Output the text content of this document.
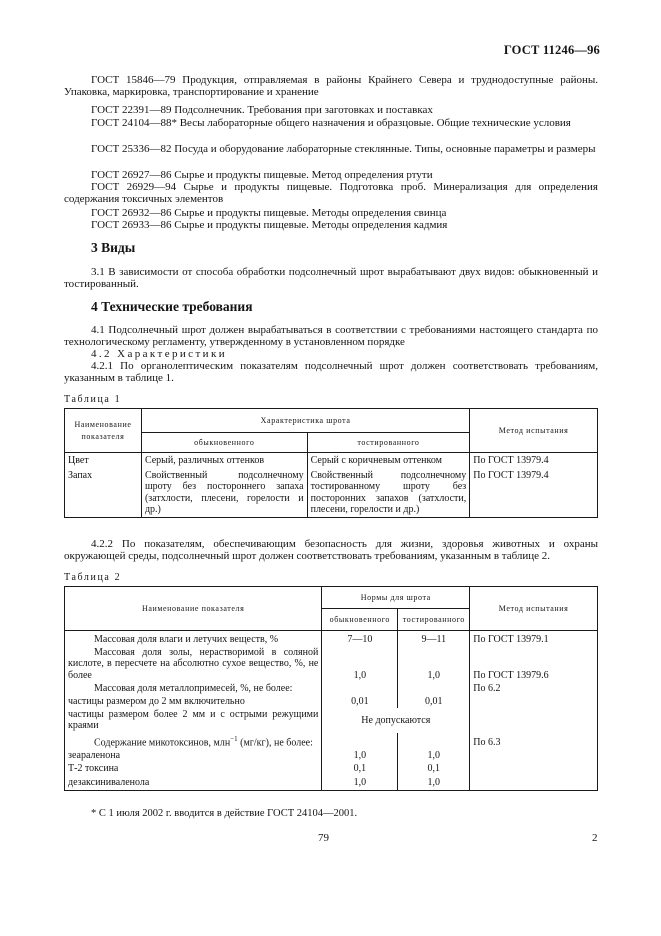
ГОСТ 11246—96

ГОСТ 15846—79 Продукция, отправляемая в районы Крайнего Севера и труднодоступные районы. Упаковка, маркировка, транспортирование и хранение

ГОСТ 22391—89 Подсолнечник. Требования при заготовках и поставках

ГОСТ 24104—88* Весы лабораторные общего назначения и образцовые. Общие технические условия

ГОСТ 25336—82 Посуда и оборудование лабораторные стеклянные. Типы, основные параметры и размеры

ГОСТ 26927—86 Сырье и продукты пищевые. Метод определения ртути

ГОСТ 26929—94 Сырье и продукты пищевые. Подготовка проб. Минерализация для определения содержания токсичных элементов

ГОСТ 26932—86 Сырье и продукты пищевые. Методы определения свинца

ГОСТ 26933—86 Сырье и продукты пищевые. Методы определения кадмия

3 Виды

3.1 В зависимости от способа обработки подсолнечный шрот вырабатывают двух видов: обыкновенный и тостированный.

4 Технические требования

4.1 Подсолнечный шрот должен вырабатываться в соответствии с требованиями настоящего стандарта по технологическому регламенту, утвержденному в установленном порядке

4.2 Характеристики

4.2.1 По органолептическим показателям подсолнечный шрот должен соответствовать требованиям, указанным в таблице 1.

Таблица 1

Наименование показателя	Характеристика шрота		Метод испытания
	обыкновенного	тостированного	
Цвет	Серый, различных оттенков	Серый с коричневым оттенком	По ГОСТ 13979.4
Запах	Свойственный подсолнечному шроту без постороннего запаха (затхлости, плесени, горелости и др.)	Свойственный подсолнечному тостированному шроту без посторонних запахов (затхлости, плесени, горелости и др.)	По ГОСТ 13979.4

4.2.2 По показателям, обеспечивающим безопасность для жизни, здоровья животных и охраны окружающей среды, подсолнечный шрот должен соответствовать требованиям, указанным в таблице 2.

Таблица 2

Наименование показателя	Нормы для шрота		Метод испытания
	обыкновенного	тостированного	
Массовая доля влаги и летучих веществ, %	7—10	9—11	По ГОСТ 13979.1
Массовая доля золы, нерастворимой в соляной кислоте, в пересчете на абсолютно сухое вещество, %, не более	1,0	1,0	По ГОСТ 13979.6
Массовая доля металлопримесей, %, не более:			По 6.2
частицы размером до 2 мм включительно	0,01	0,01	
частицы размером более 2 мм и с острыми режущими краями	Не допускаются		
Содержание микотоксинов, млн$^{-1}$ (мг/кг), не более:			По 6.3
зеараленона	1,0	1,0	
Т-2 токсина	0,1	0,1	
дезаксиниваленола	1,0	1,0	

* С 1 июля 2002 г. вводится в действие ГОСТ 24104—2001.

79	2
